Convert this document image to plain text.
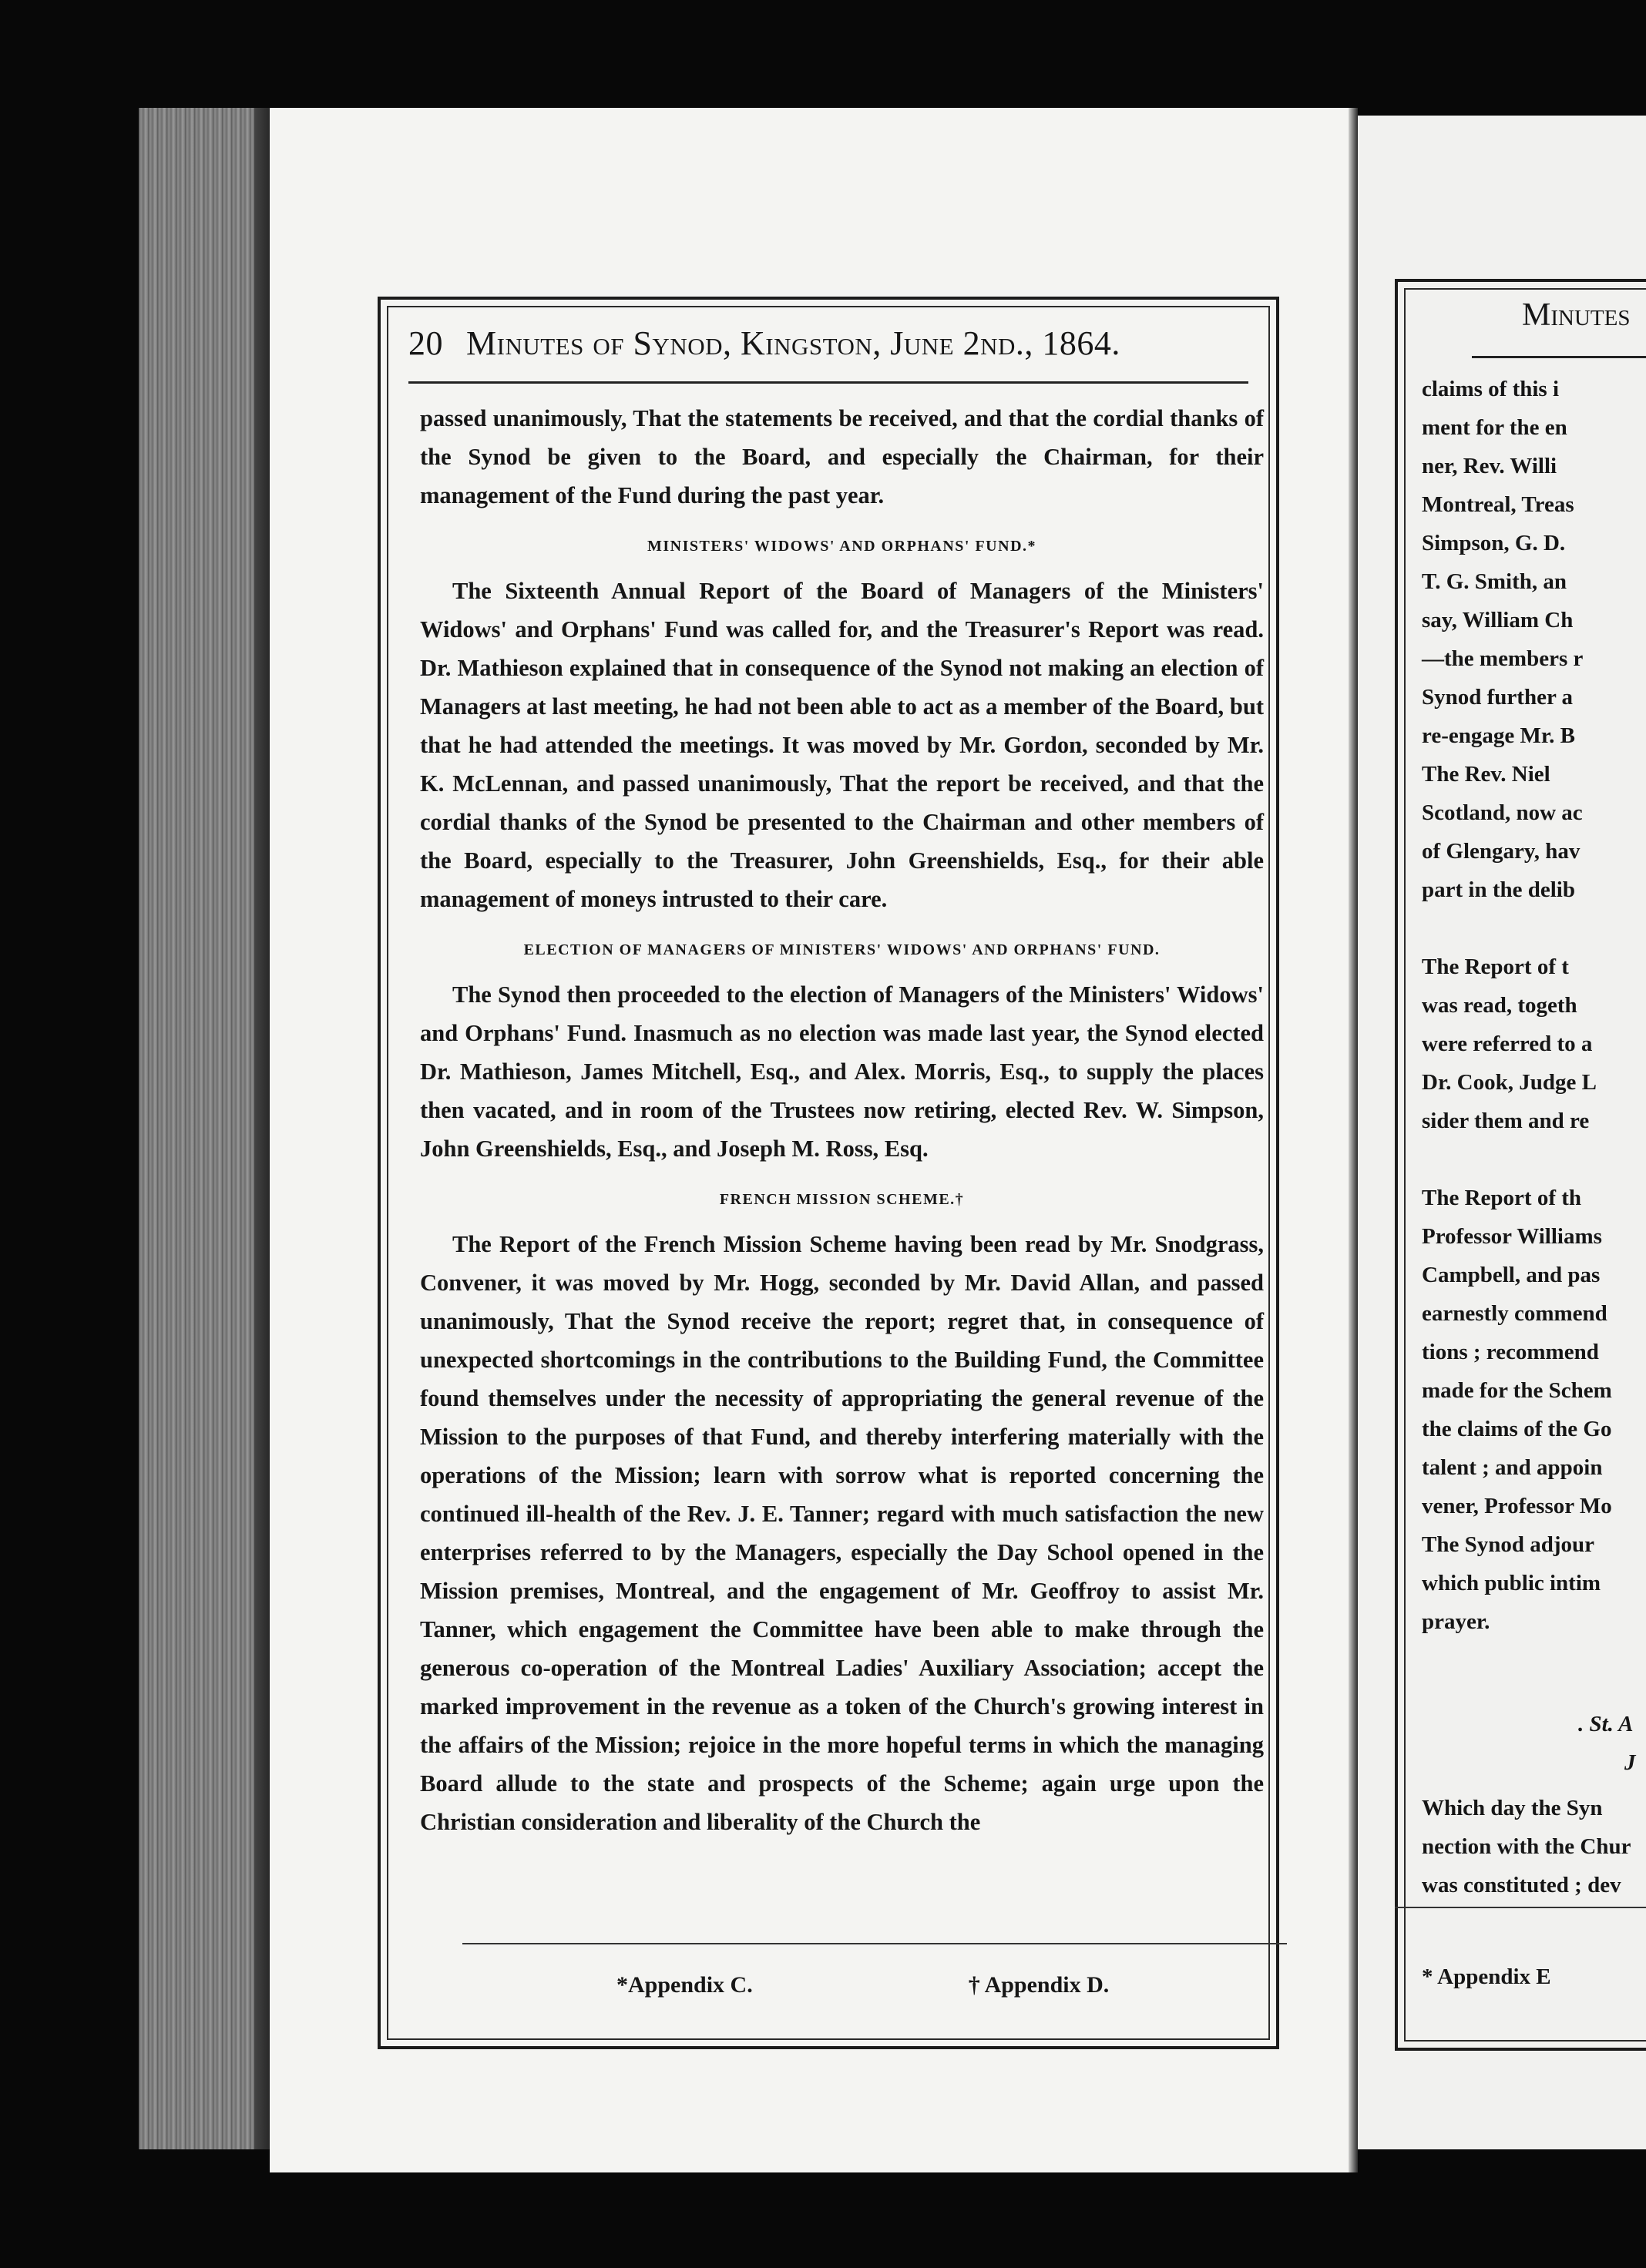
20 Minutes of Synod, Kingston, June 2nd., 1864.

passed unanimously, That the statements be received, and that the cordial thanks of the Synod be given to the Board, and especially the Chairman, for their management of the Fund during the past year.

MINISTERS' WIDOWS' AND ORPHANS' FUND.*

The Sixteenth Annual Report of the Board of Managers of the Ministers' Widows' and Orphans' Fund was called for, and the Treasurer's Report was read. Dr. Mathieson explained that in consequence of the Synod not making an election of Managers at last meeting, he had not been able to act as a member of the Board, but that he had attended the meetings. It was moved by Mr. Gordon, seconded by Mr. K. McLennan, and passed unanimously, That the report be received, and that the cordial thanks of the Synod be presented to the Chairman and other members of the Board, especially to the Treasurer, John Greenshields, Esq., for their able management of moneys intrusted to their care.

ELECTION OF MANAGERS OF MINISTERS' WIDOWS' AND ORPHANS' FUND.

The Synod then proceeded to the election of Managers of the Ministers' Widows' and Orphans' Fund. Inasmuch as no election was made last year, the Synod elected Dr. Mathieson, James Mitchell, Esq., and Alex. Morris, Esq., to supply the places then vacated, and in room of the Trustees now retiring, elected Rev. W. Simpson, John Greenshields, Esq., and Joseph M. Ross, Esq.

FRENCH MISSION SCHEME.†

The Report of the French Mission Scheme having been read by Mr. Snodgrass, Convener, it was moved by Mr. Hogg, seconded by Mr. David Allan, and passed unanimously, That the Synod receive the report; regret that, in consequence of unexpected shortcomings in the contributions to the Building Fund, the Committee found themselves under the necessity of appropriating the general revenue of the Mission to the purposes of that Fund, and thereby interfering materially with the operations of the Mission; learn with sorrow what is reported concerning the continued ill-health of the Rev. J. E. Tanner; regard with much satisfaction the new enterprises referred to by the Managers, especially the Day School opened in the Mission premises, Montreal, and the engagement of Mr. Geoffroy to assist Mr. Tanner, which engagement the Committee have been able to make through the generous co-operation of the Montreal Ladies' Auxiliary Association; accept the marked improvement in the revenue as a token of the Church's growing interest in the affairs of the Mission; rejoice in the more hopeful terms in which the managing Board allude to the state and prospects of the Scheme; again urge upon the Christian consideration and liberality of the Church the

*Appendix C.	† Appendix D.
Minutes
claims of this i
ment for the en
ner, Rev. Willi
Montreal, Treas
Simpson, G. D.
T. G. Smith, an
say, William Ch
—the members r
Synod further a
re-engage Mr. B
The Rev. Niel
Scotland, now ac
of Glengary, hav
part in the delib
The Report of t
was read, togeth
were referred to a
Dr. Cook, Judge L
sider them and re
The Report of th
Professor Williams
Campbell, and pas
earnestly commend
tions ; recommend
made for the Schem
the claims of the Go
talent ; and appoin
vener, Professor Mo
The Synod adjour
which public intim
prayer.
. St. A
J
Which day the Syn
nection with the Chur
was constituted ; dev
* Appendix E
